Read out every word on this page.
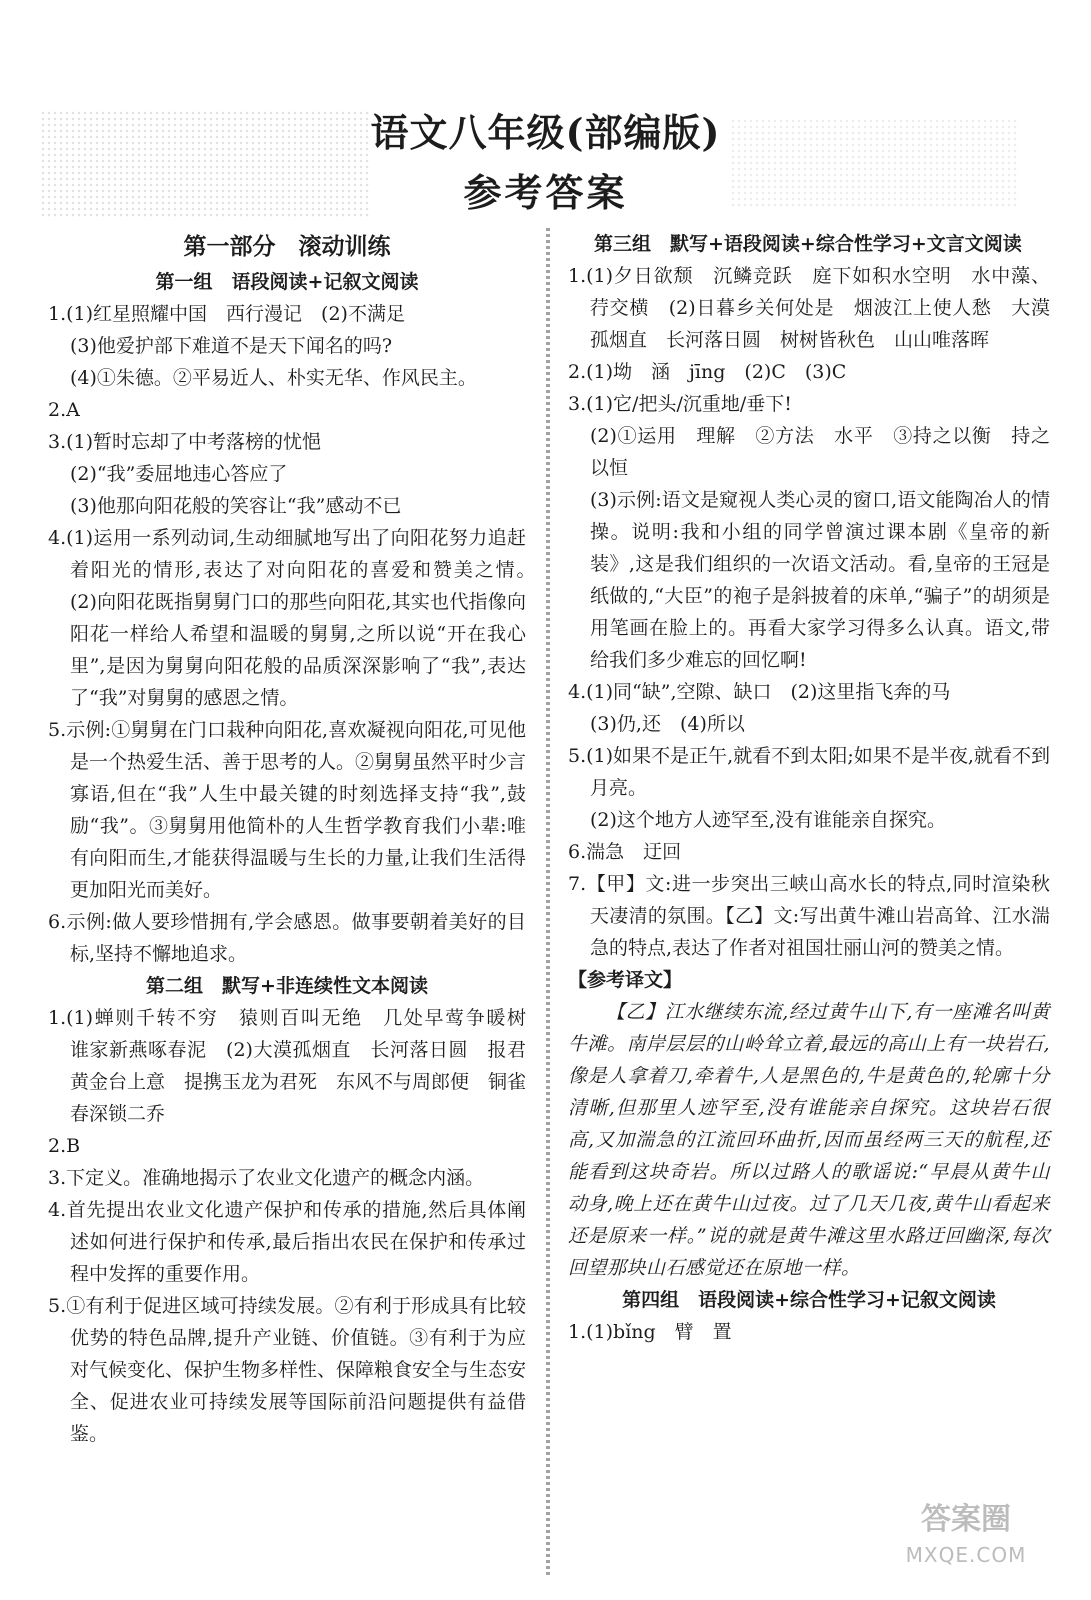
语文八年级(部编版)
参考答案
第一部分　滚动训练
第一组　语段阅读+记叙文阅读

1.(1)红星照耀中国　西行漫记　(2)不满足

(3)他爱护部下难道不是天下闻名的吗?

(4)①朱德。②平易近人、朴实无华、作风民主。

2.A

3.(1)暂时忘却了中考落榜的忧悒

(2)“我”委屈地违心答应了

(3)他那向阳花般的笑容让“我”感动不已

4.(1)运用一系列动词,生动细腻地写出了向阳花努力追赶着阳光的情形,表达了对向阳花的喜爱和赞美之情。　(2)向阳花既指舅舅门口的那些向阳花,其实也代指像向阳花一样给人希望和温暖的舅舅,之所以说“开在我心里”,是因为舅舅向阳花般的品质深深影响了“我”,表达了“我”对舅舅的感恩之情。

5.示例:①舅舅在门口栽种向阳花,喜欢凝视向阳花,可见他是一个热爱生活、善于思考的人。②舅舅虽然平时少言寡语,但在“我”人生中最关键的时刻选择支持“我”,鼓励“我”。③舅舅用他简朴的人生哲学教育我们小辈:唯有向阳而生,才能获得温暖与生长的力量,让我们生活得更加阳光而美好。

6.示例:做人要珍惜拥有,学会感恩。做事要朝着美好的目标,坚持不懈地追求。

第二组　默写+非连续性文本阅读

1.(1)蝉则千转不穷　猿则百叫无绝　几处早莺争暖树　谁家新燕啄春泥　(2)大漠孤烟直　长河落日圆　报君黄金台上意　提携玉龙为君死　东风不与周郎便　铜雀春深锁二乔

2.B

3.下定义。准确地揭示了农业文化遗产的概念内涵。

4.首先提出农业文化遗产保护和传承的措施,然后具体阐述如何进行保护和传承,最后指出农民在保护和传承过程中发挥的重要作用。

5.①有利于促进区域可持续发展。②有利于形成具有比较优势的特色品牌,提升产业链、价值链。③有利于为应对气候变化、保护生物多样性、保障粮食安全与生态安全、促进农业可持续发展等国际前沿问题提供有益借鉴。

第三组　默写+语段阅读+综合性学习+文言文阅读

1.(1)夕日欲颓　沉鳞竞跃　庭下如积水空明　水中藻、荇交横　(2)日暮乡关何处是　烟波江上使人愁　大漠孤烟直　长河落日圆　树树皆秋色　山山唯落晖

2.(1)坳　涵　jīng　(2)C　(3)C

3.(1)它/把头/沉重地/垂下!

(2)①运用　理解　②方法　水平　③持之以衡　持之以恒

(3)示例:语文是窥视人类心灵的窗口,语文能陶冶人的情操。说明:我和小组的同学曾演过课本剧《皇帝的新装》,这是我们组织的一次语文活动。看,皇帝的王冠是纸做的,“大臣”的袍子是斜披着的床单,“骗子”的胡须是用笔画在脸上的。再看大家学习得多么认真。语文,带给我们多少难忘的回忆啊!

4.(1)同“缺”,空隙、缺口　(2)这里指飞奔的马

(3)仍,还　(4)所以

5.(1)如果不是正午,就看不到太阳;如果不是半夜,就看不到月亮。

(2)这个地方人迹罕至,没有谁能亲自探究。

6.湍急　迂回

7.【甲】文:进一步突出三峡山高水长的特点,同时渲染秋天凄清的氛围。【乙】文:写出黄牛滩山岩高耸、江水湍急的特点,表达了作者对祖国壮丽山河的赞美之情。

【参考译文】

【乙】江水继续东流,经过黄牛山下,有一座滩名叫黄牛滩。南岸层层的山岭耸立着,最远的高山上有一块岩石,像是人拿着刀,牵着牛,人是黑色的,牛是黄色的,轮廓十分清晰,但那里人迹罕至,没有谁能亲自探究。这块岩石很高,又加湍急的江流回环曲折,因而虽经两三天的航程,还能看到这块奇岩。所以过路人的歌谣说:“早晨从黄牛山动身,晚上还在黄牛山过夜。过了几天几夜,黄牛山看起来还是原来一样。”说的就是黄牛滩这里水路迂回幽深,每次回望那块山石感觉还在原地一样。

第四组　语段阅读+综合性学习+记叙文阅读

1.(1)bǐng　臂　置

答案圈
MXQE.COM
